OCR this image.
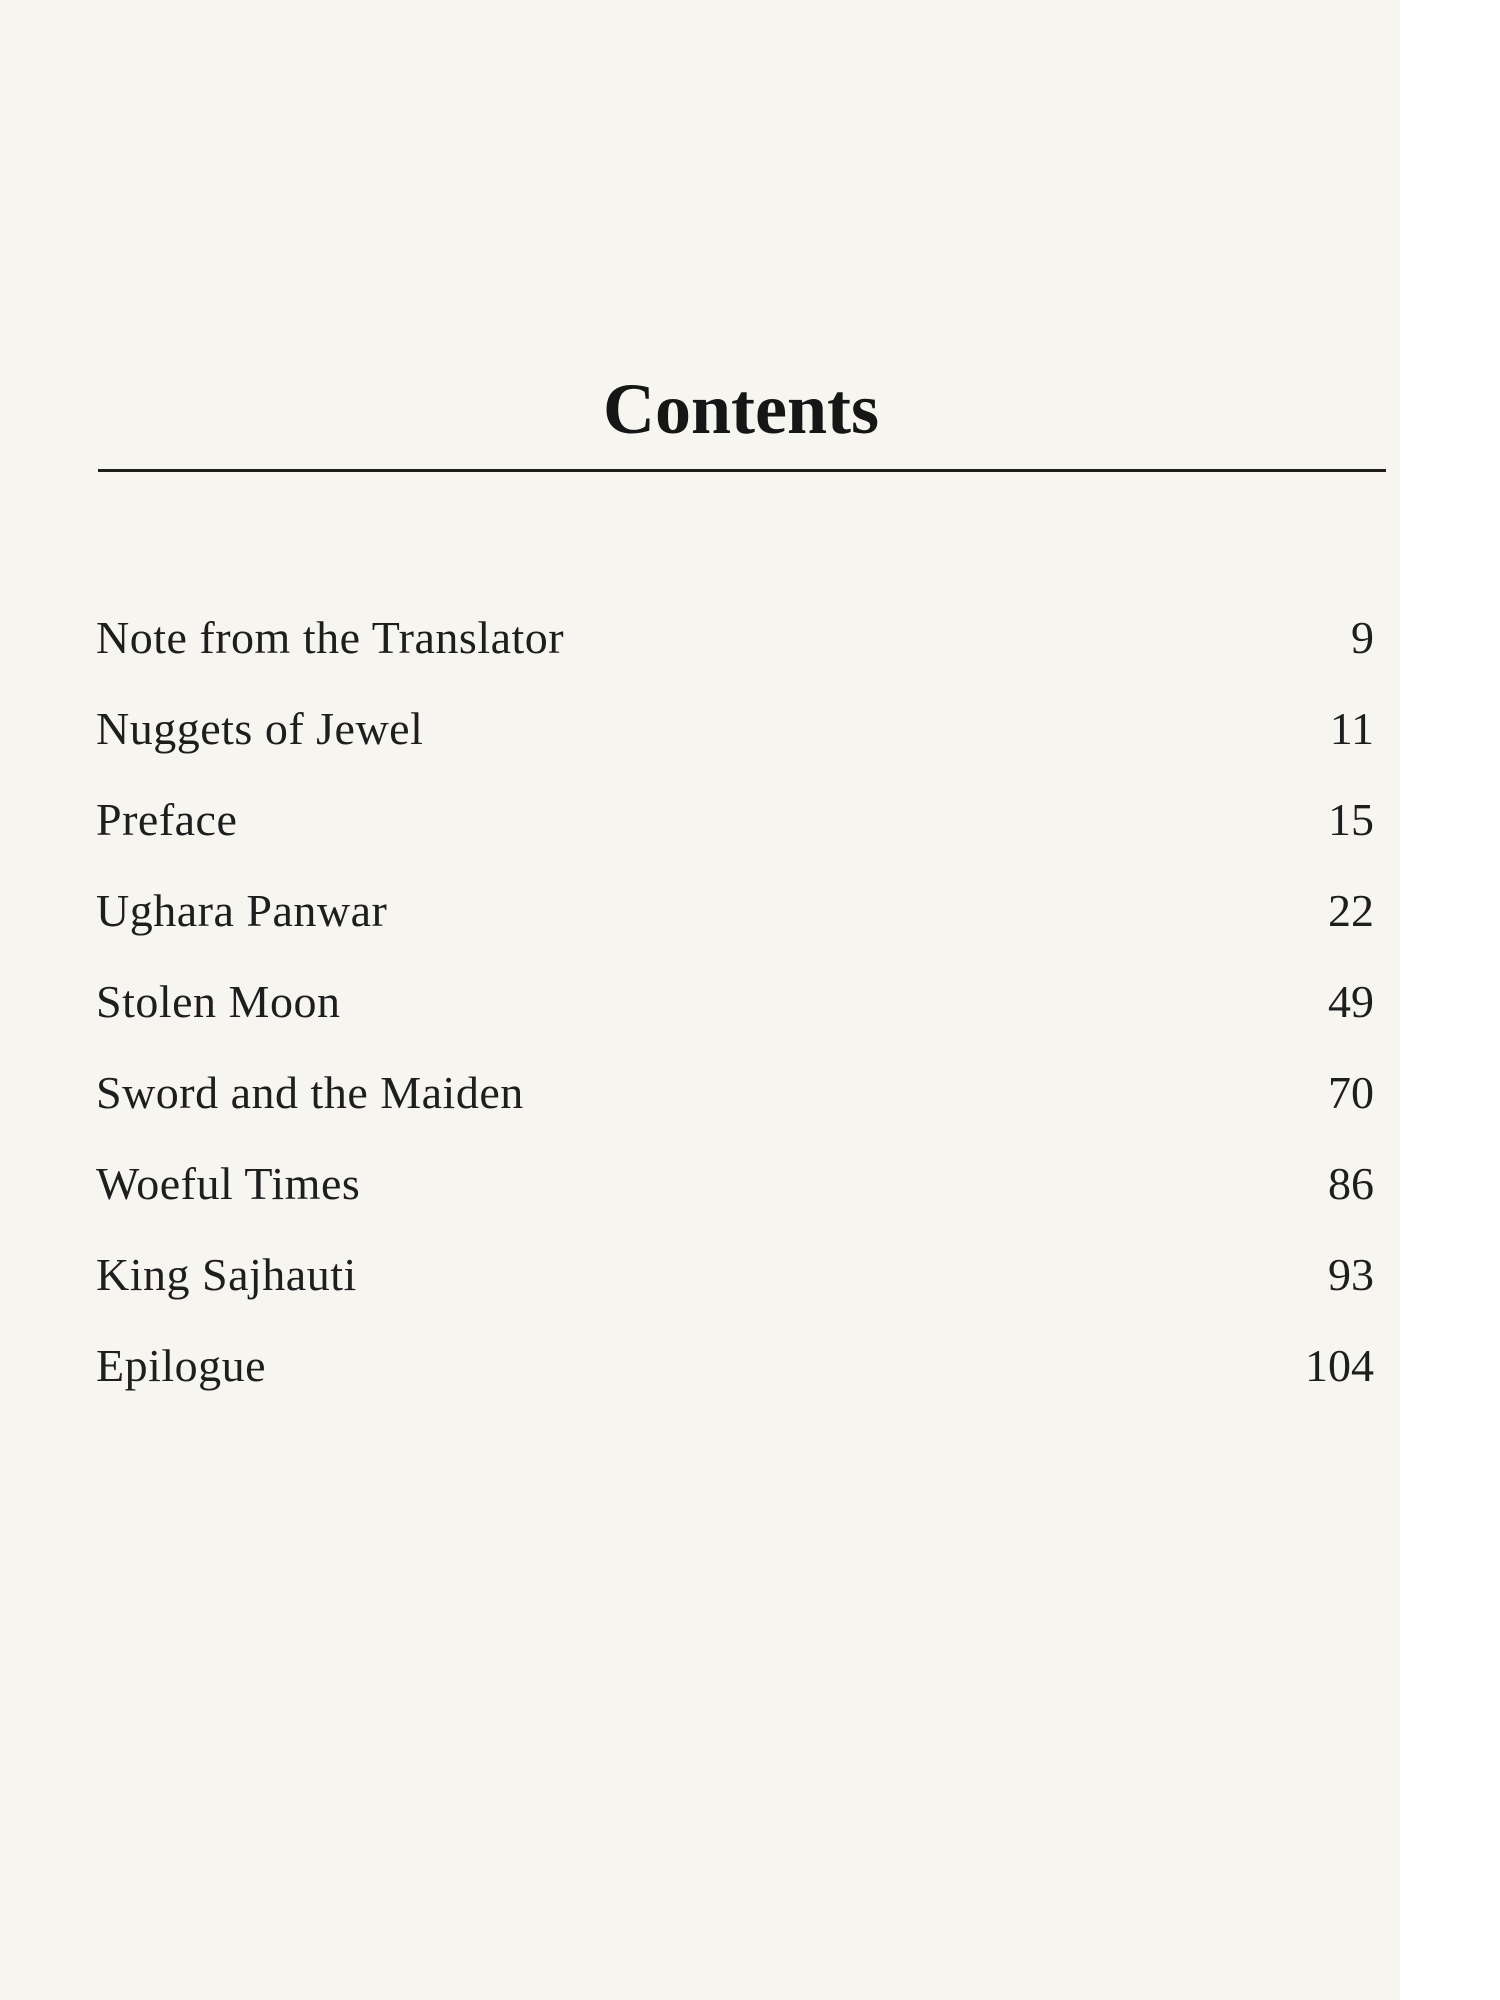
Contents
Note from the Translator	9
Nuggets of Jewel	11
Preface	15
Ughara Panwar	22
Stolen Moon	49
Sword and the Maiden	70
Woeful Times	86
King Sajhauti	93
Epilogue	104
